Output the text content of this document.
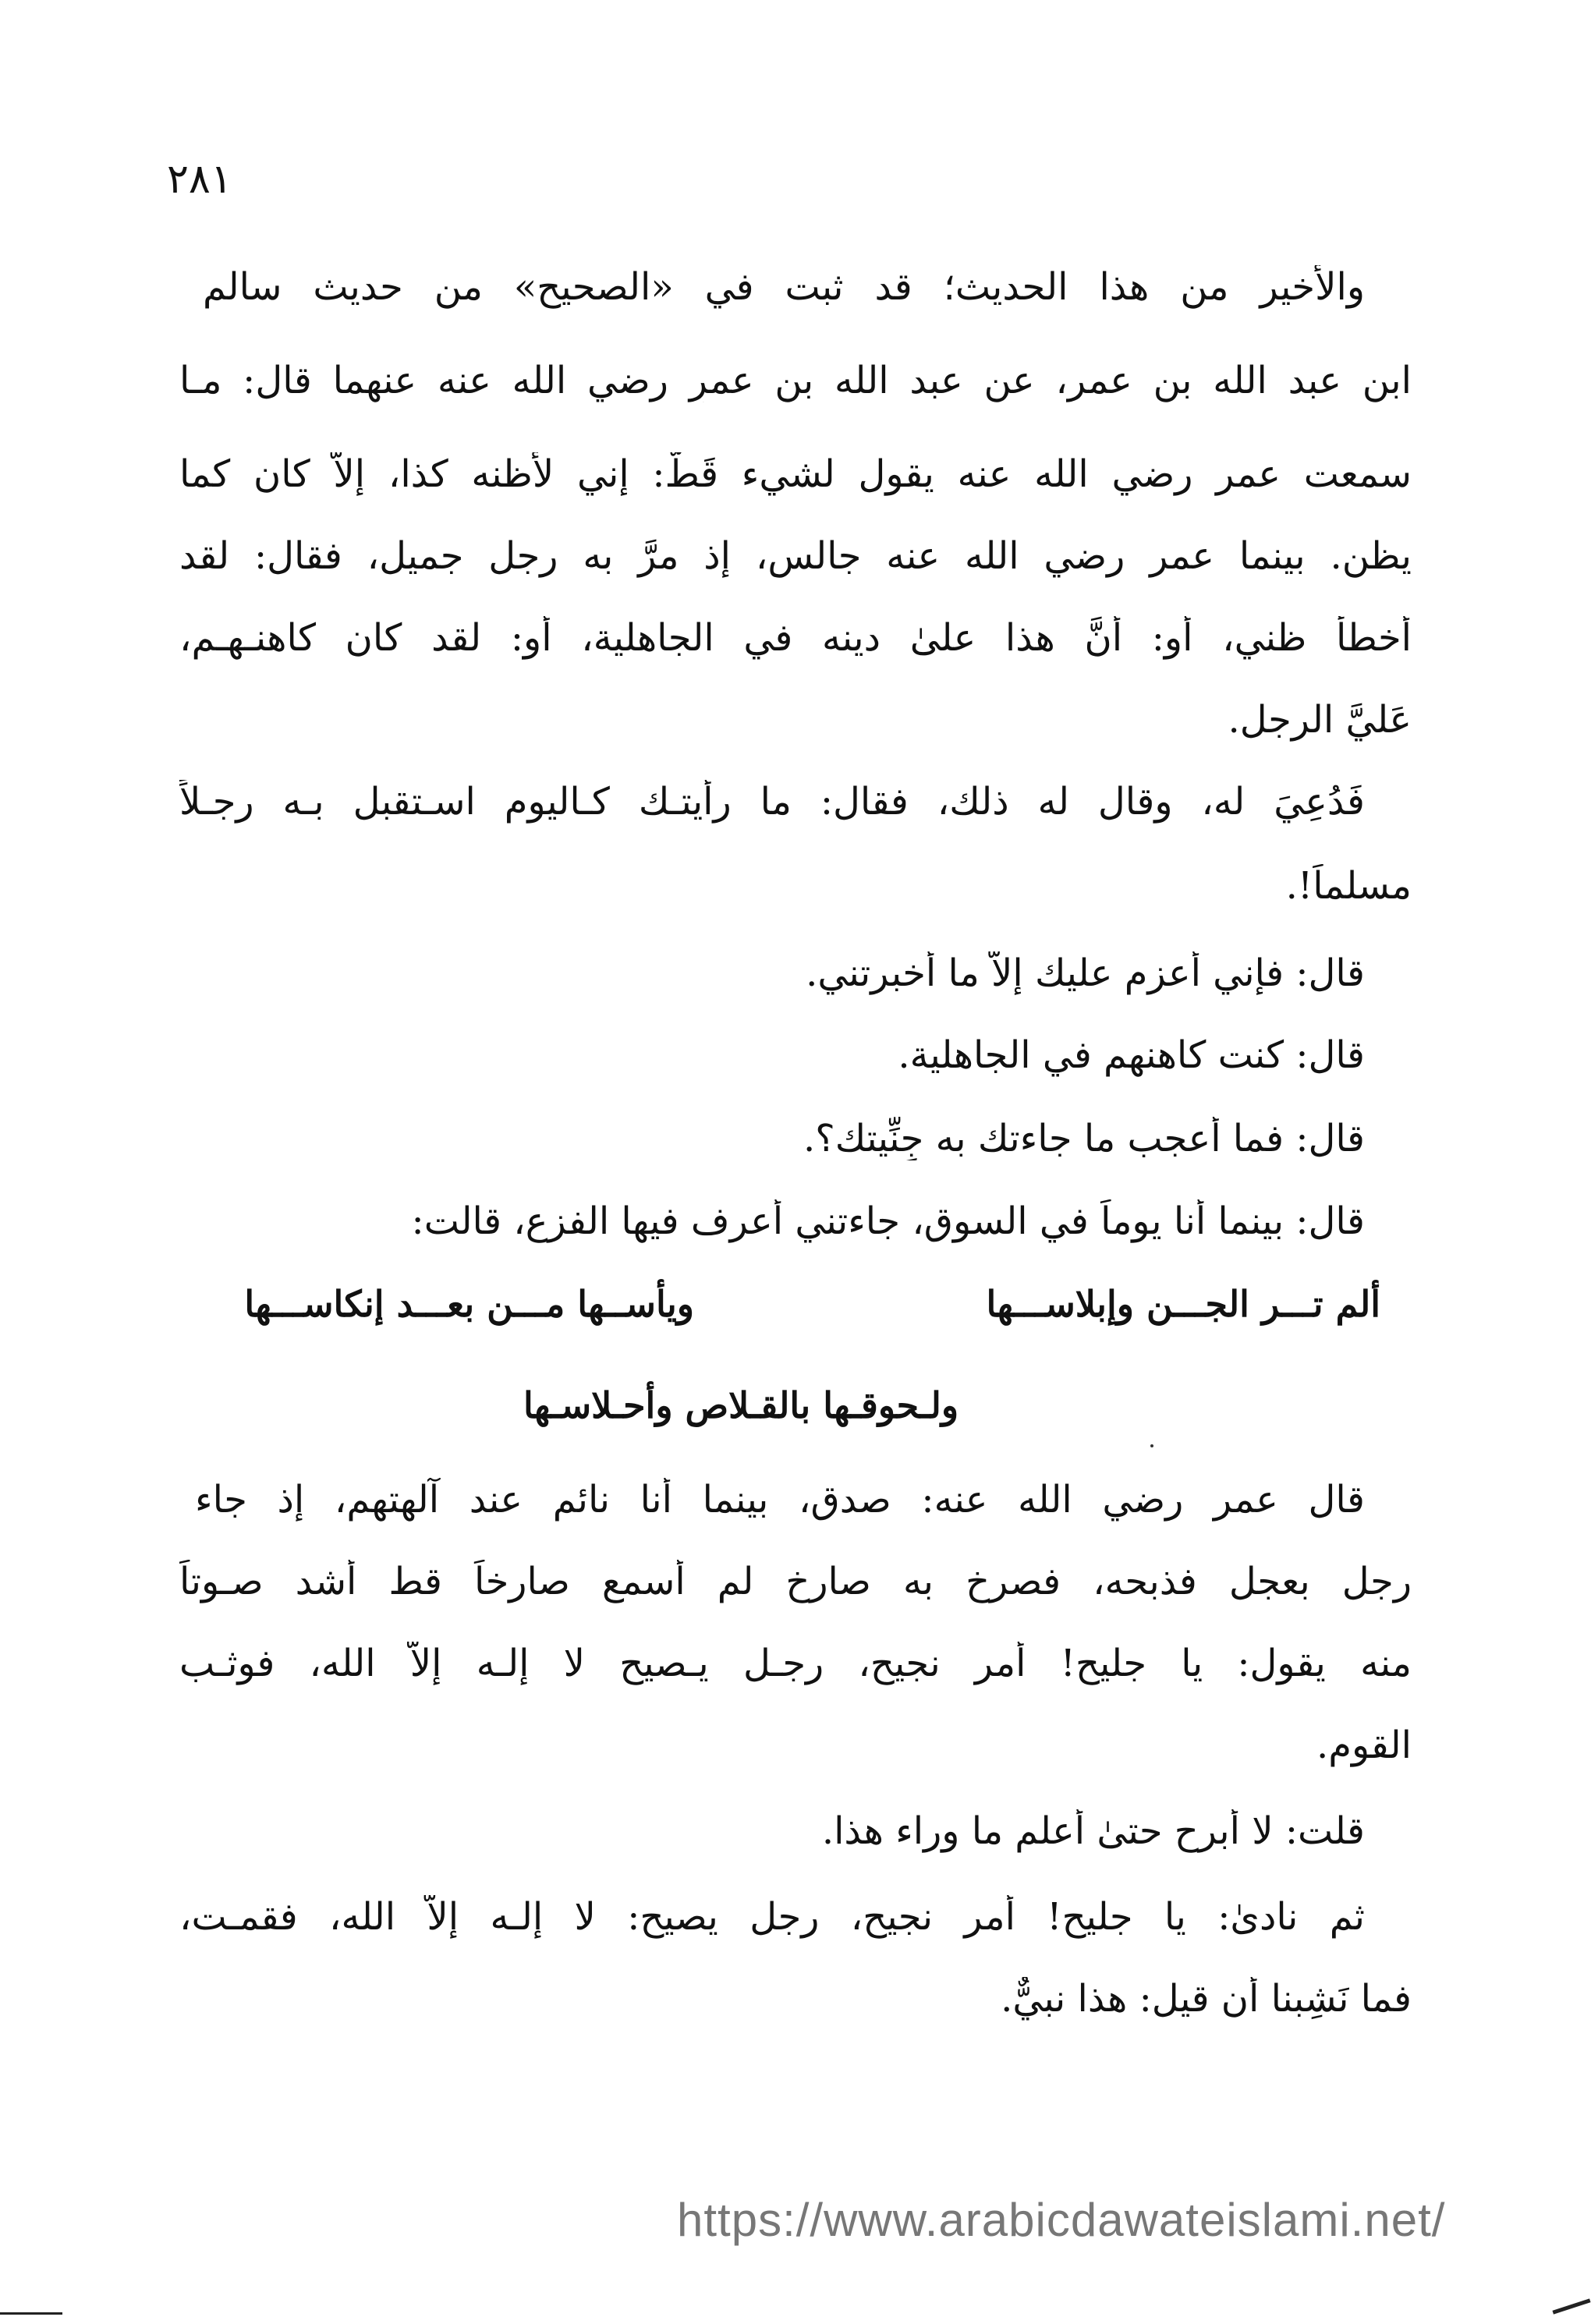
٢٨١
والأخير من هذا الحديث؛ قد ثبت في «الصحيح» من حديث سالم
ابن عبد الله بن عمر، عن عبد الله بن عمرٍ رضي الله عنه عنهما قال: مـا
سمعت عمر رضي الله عنه يقول لشيء قَطُّ: إني لأظنه كذا، إلاَّ كان كما
يظن. بينما عمر رضي الله عنه جالس، إذ مرَّ به رجل جميل، فقال: لقد
أخطأ ظني، أو: أنَّ هذا علىٰ دينه في الجاهلية، أو: لقد كان كاهنـهـم،
عَليَّ الرجل.
فَدُعِيَ له، وقال له ذلك، فقال: ما رأيتـك كـاليوم اسـتقبل بـه رجـلاً
مسلماً!.
قال: فإني أعزم عليك إلاَّ ما أخبرتني.
قال: كنت كاهنهم في الجاهلية.
قال: فما أعجب ما جاءتك به جِنِّيتك؟.
قال: بينما أنا يوماً في السوق، جاءتني أعرف فيها الفزع، قالت:
ألم تـــر الجـــن وإبلاســـها
ويأســها مـــن بعـــد إنكاســـها
ولـحوقـها بالقـلاص وأحـلاسـها
قال عمر رضي الله عنه: صدق، بينما أنا نائم عند آلهتهم، إذ جاء
رجل بعجل فذبحه، فصرخ به صارخ لم أسمع صارخاً قط أشد صـوتاً
منه يقول: يا جليح! أمر نجيح، رجـل يـصيح لا إلـه إلاَّ الله، فوثـب
القوم.
قلت: لا أبرح حتىٰ أعلم ما وراء هذا.
ثم نادىٰ: يا جليح! أمر نجيح، رجل يصيح: لا إلـه إلاَّ الله، فقمـت،
فما نَشِبنا أن قيل: هذا نبيٌّ.
https://www.arabicdawateislami.net/
